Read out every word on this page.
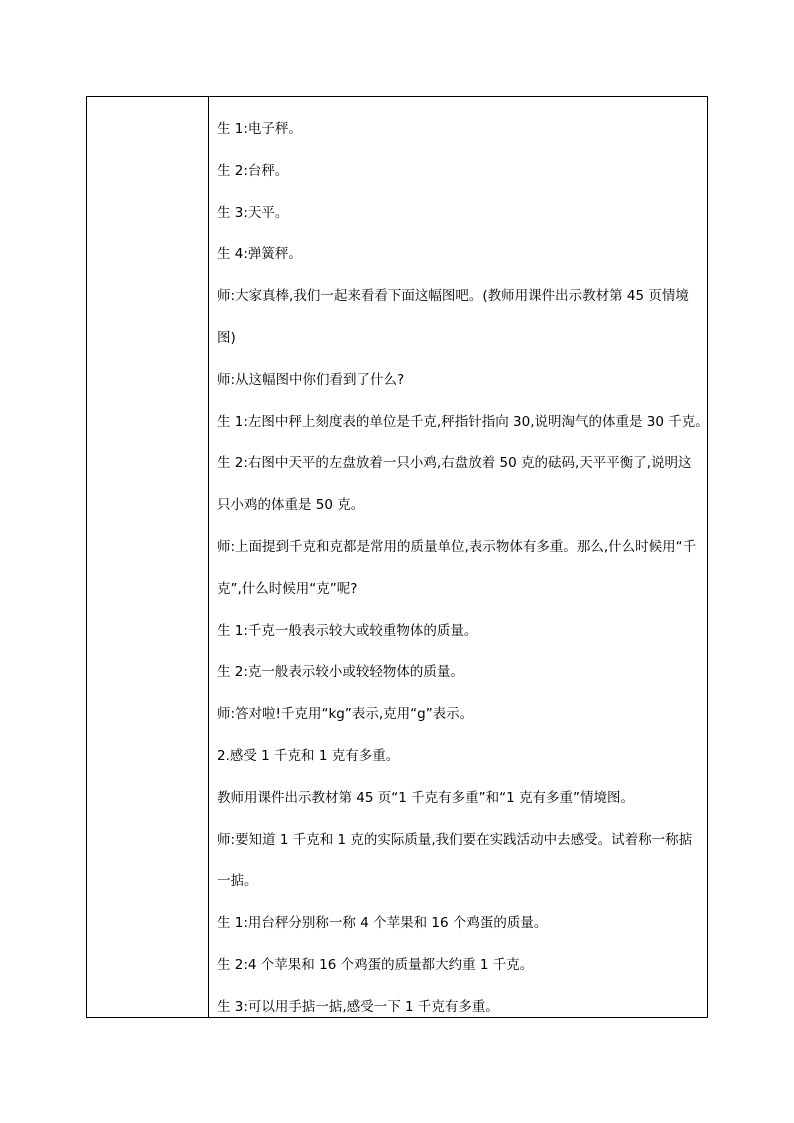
生 1:电子秤。
生 2:台秤。
生 3:天平。
生 4:弹簧秤。
师:大家真棒,我们一起来看看下面这幅图吧。(教师用课件出示教材第 45 页情境
图)
师:从这幅图中你们看到了什么?
生 1:左图中秤上刻度表的单位是千克,秤指针指向 30,说明淘气的体重是 30 千克。
生 2:右图中天平的左盘放着一只小鸡,右盘放着 50 克的砝码,天平平衡了,说明这
只小鸡的体重是 50 克。
师:上面提到千克和克都是常用的质量单位,表示物体有多重。那么,什么时候用“千
克”,什么时候用“克”呢?
生 1:千克一般表示较大或较重物体的质量。
生 2:克一般表示较小或较轻物体的质量。
师:答对啦!千克用“kg”表示,克用“g”表示。
2.感受 1 千克和 1 克有多重。
教师用课件出示教材第 45 页“1 千克有多重”和“1 克有多重”情境图。
师:要知道 1 千克和 1 克的实际质量,我们要在实践活动中去感受。试着称一称掂
一掂。
生 1:用台秤分别称一称 4 个苹果和 16 个鸡蛋的质量。
生 2:4 个苹果和 16 个鸡蛋的质量都大约重 1 千克。
生 3:可以用手掂一掂,感受一下 1 千克有多重。
